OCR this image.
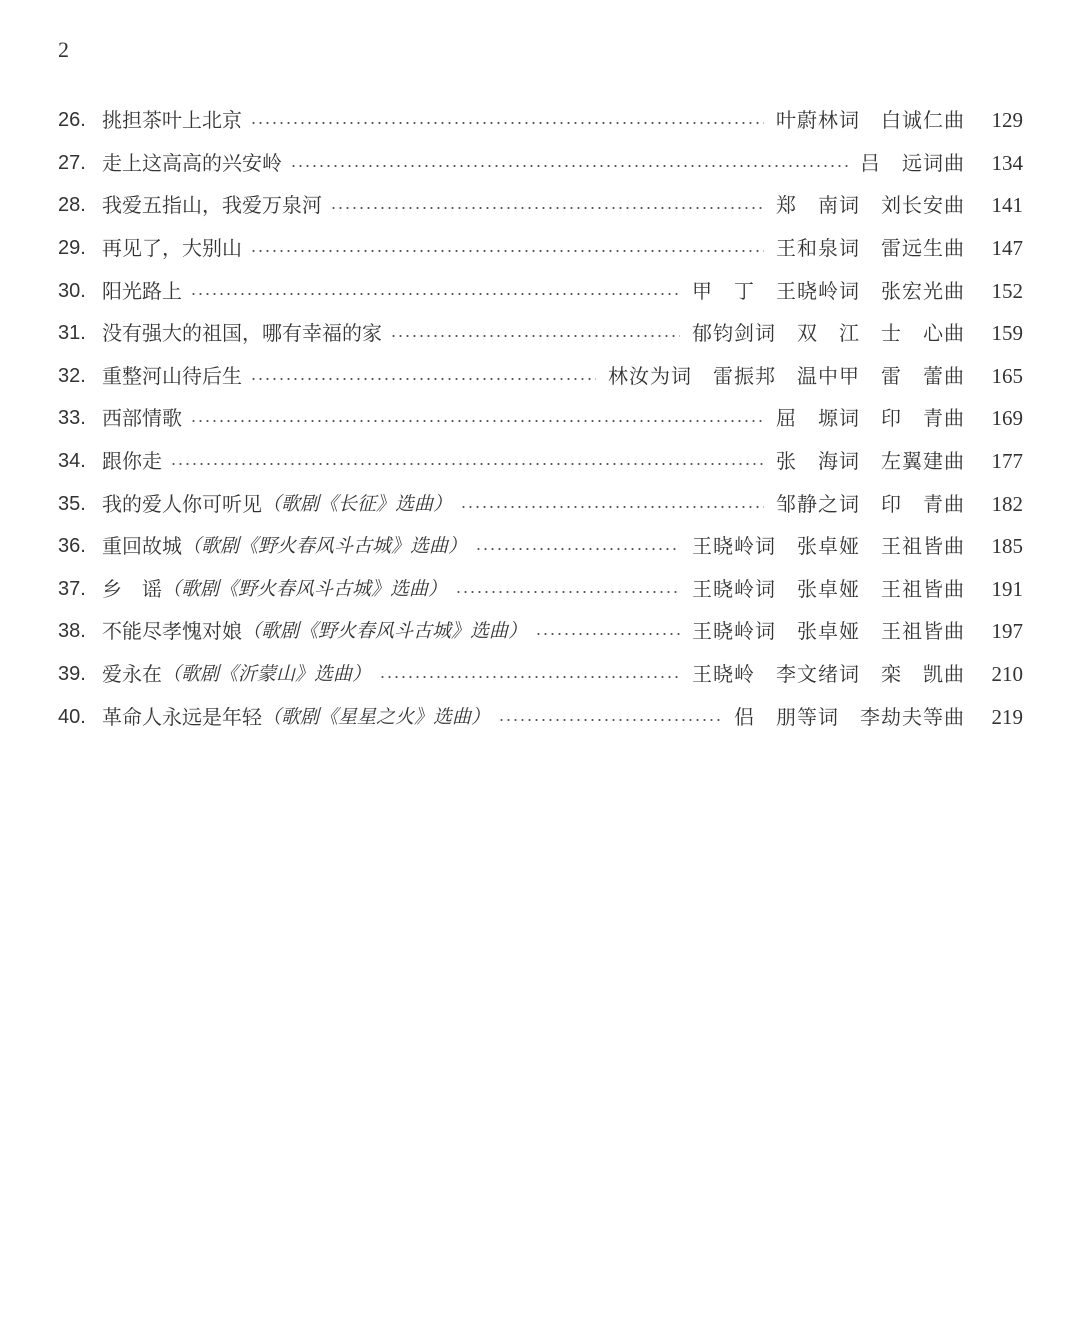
2
26. 挑担茶叶上北京	叶蔚林词　白诚仁曲	129
27. 走上这高高的兴安岭	吕　远词曲	134
28. 我爱五指山，我爱万泉河	郑　南词　刘长安曲	141
29. 再见了，大别山	王和泉词　雷远生曲	147
30. 阳光路上	甲　丁　王晓岭词　张宏光曲	152
31. 没有强大的祖国，哪有幸福的家	郁钧剑词　双　江　士　心曲	159
32. 重整河山待后生	林汝为词　雷振邦　温中甲　雷　蕾曲	165
33. 西部情歌	屈　塬词　印　青曲	169
34. 跟你走	张　海词　左翼建曲	177
35. 我的爱人你可听见 （歌剧《长征》选曲）	邹静之词　印　青曲	182
36. 重回故城 （歌剧《野火春风斗古城》选曲）	王晓岭词　张卓娅　王祖皆曲	185
37. 乡　谣 （歌剧《野火春风斗古城》选曲）	王晓岭词　张卓娅　王祖皆曲	191
38. 不能尽孝愧对娘 （歌剧《野火春风斗古城》选曲）	王晓岭词　张卓娅　王祖皆曲	197
39. 爱永在 （歌剧《沂蒙山》选曲）	王晓岭　李文绪词　栾　凯曲	210
40. 革命人永远是年轻 （歌剧《星星之火》选曲）	侣　朋等词　李劫夫等曲	219
